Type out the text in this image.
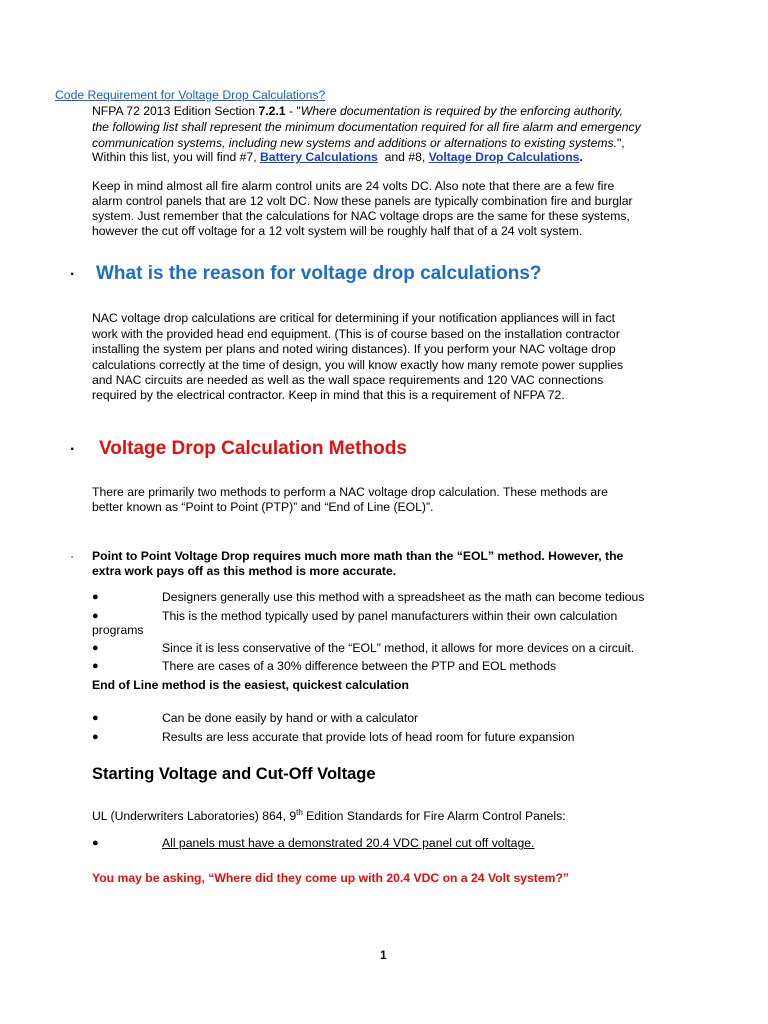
Code Requirement for Voltage Drop Calculations?
NFPA 72 2013 Edition Section 7.2.1 - "Where documentation is required by the enforcing authority,
the following list shall represent the minimum documentation required for all fire alarm and emergency
communication systems, including new systems and additions or alternations to existing systems.",
Within this list, you will find #7, Battery Calculations  and #8, Voltage Drop Calculations.
Keep in mind almost all fire alarm control units are 24 volts DC. Also note that there are a few fire
alarm control panels that are 12 volt DC. Now these panels are typically combination fire and burglar
system. Just remember that the calculations for NAC voltage drops are the same for these systems,
however the cut off voltage for a 12 volt system will be roughly half that of a 24 volt system.
· What is the reason for voltage drop calculations?
NAC voltage drop calculations are critical for determining if your notification appliances will in fact
work with the provided head end equipment. (This is of course based on the installation contractor
installing the system per plans and noted wiring distances). If you perform your NAC voltage drop
calculations correctly at the time of design, you will know exactly how many remote power supplies
and NAC circuits are needed as well as the wall space requirements and 120 VAC connections
required by the electrical contractor. Keep in mind that this is a requirement of NFPA 72.
· Voltage Drop Calculation Methods
There are primarily two methods to perform a NAC voltage drop calculation. These methods are
better known as “Point to Point (PTP)” and “End of Line (EOL)”.
· Point to Point Voltage Drop requires much more math than the “EOL” method. However, the
extra work pays off as this method is more accurate.
●	Designers generally use this method with a spreadsheet as the math can become tedious
●	This is the method typically used by panel manufacturers within their own calculation
programs
●	Since it is less conservative of the “EOL” method, it allows for more devices on a circuit.
●	There are cases of a 30% difference between the PTP and EOL methods
End of Line method is the easiest, quickest calculation
●	Can be done easily by hand or with a calculator
●	Results are less accurate that provide lots of head room for future expansion
Starting Voltage and Cut-Off Voltage
UL (Underwriters Laboratories) 864, 9th Edition Standards for Fire Alarm Control Panels:
●	All panels must have a demonstrated 20.4 VDC panel cut off voltage.
You may be asking, “Where did they come up with 20.4 VDC on a 24 Volt system?”
1
